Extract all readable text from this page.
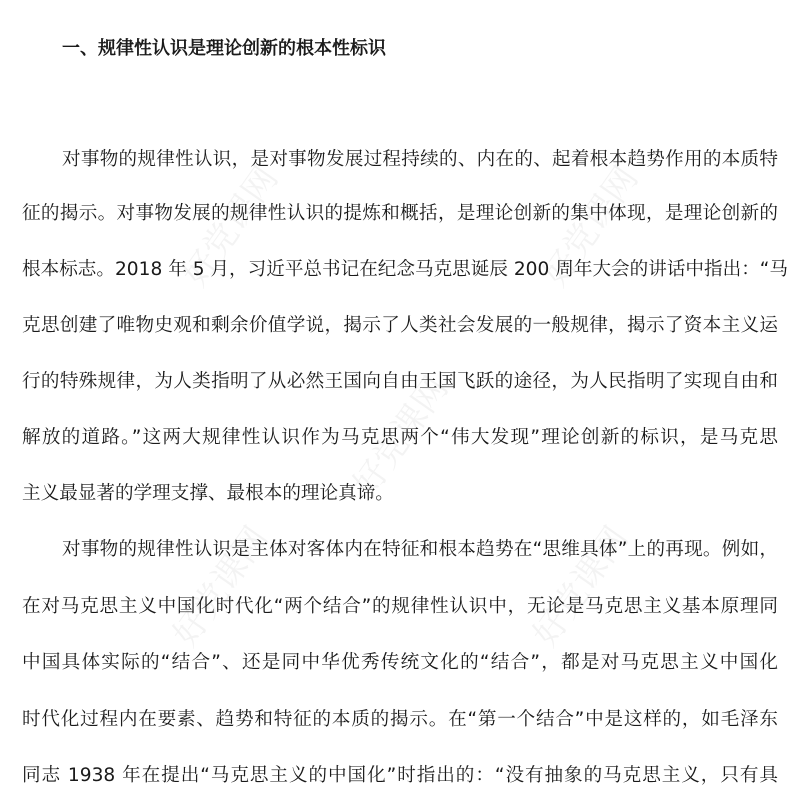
好党课网	好党课网
好党课网	好党课网
好党课网
一、规律性认识是理论创新的根本性标识
对事物的规律性认识，是对事物发展过程持续的、内在的、起着根本趋势作用的本质特
征的揭示。对事物发展的规律性认识的提炼和概括，是理论创新的集中体现，是理论创新的
根本标志。2018 年 5 月，习近平总书记在纪念马克思诞辰 200 周年大会的讲话中指出：“马
克思创建了唯物史观和剩余价值学说，揭示了人类社会发展的一般规律，揭示了资本主义运
行的特殊规律，为人类指明了从必然王国向自由王国飞跃的途径，为人民指明了实现自由和
解放的道路。”这两大规律性认识作为马克思两个“伟大发现”理论创新的标识，是马克思
主义最显著的学理支撑、最根本的理论真谛。
对事物的规律性认识是主体对客体内在特征和根本趋势在“思维具体”上的再现。例如，
在对马克思主义中国化时代化“两个结合”的规律性认识中，无论是马克思主义基本原理同
中国具体实际的“结合”、还是同中华优秀传统文化的“结合”，都是对马克思主义中国化
时代化过程内在要素、趋势和特征的本质的揭示。在“第一个结合”中是这样的，如毛泽东
同志 1938 年在提出“马克思主义的中国化”时指出的：“没有抽象的马克思主义，只有具
